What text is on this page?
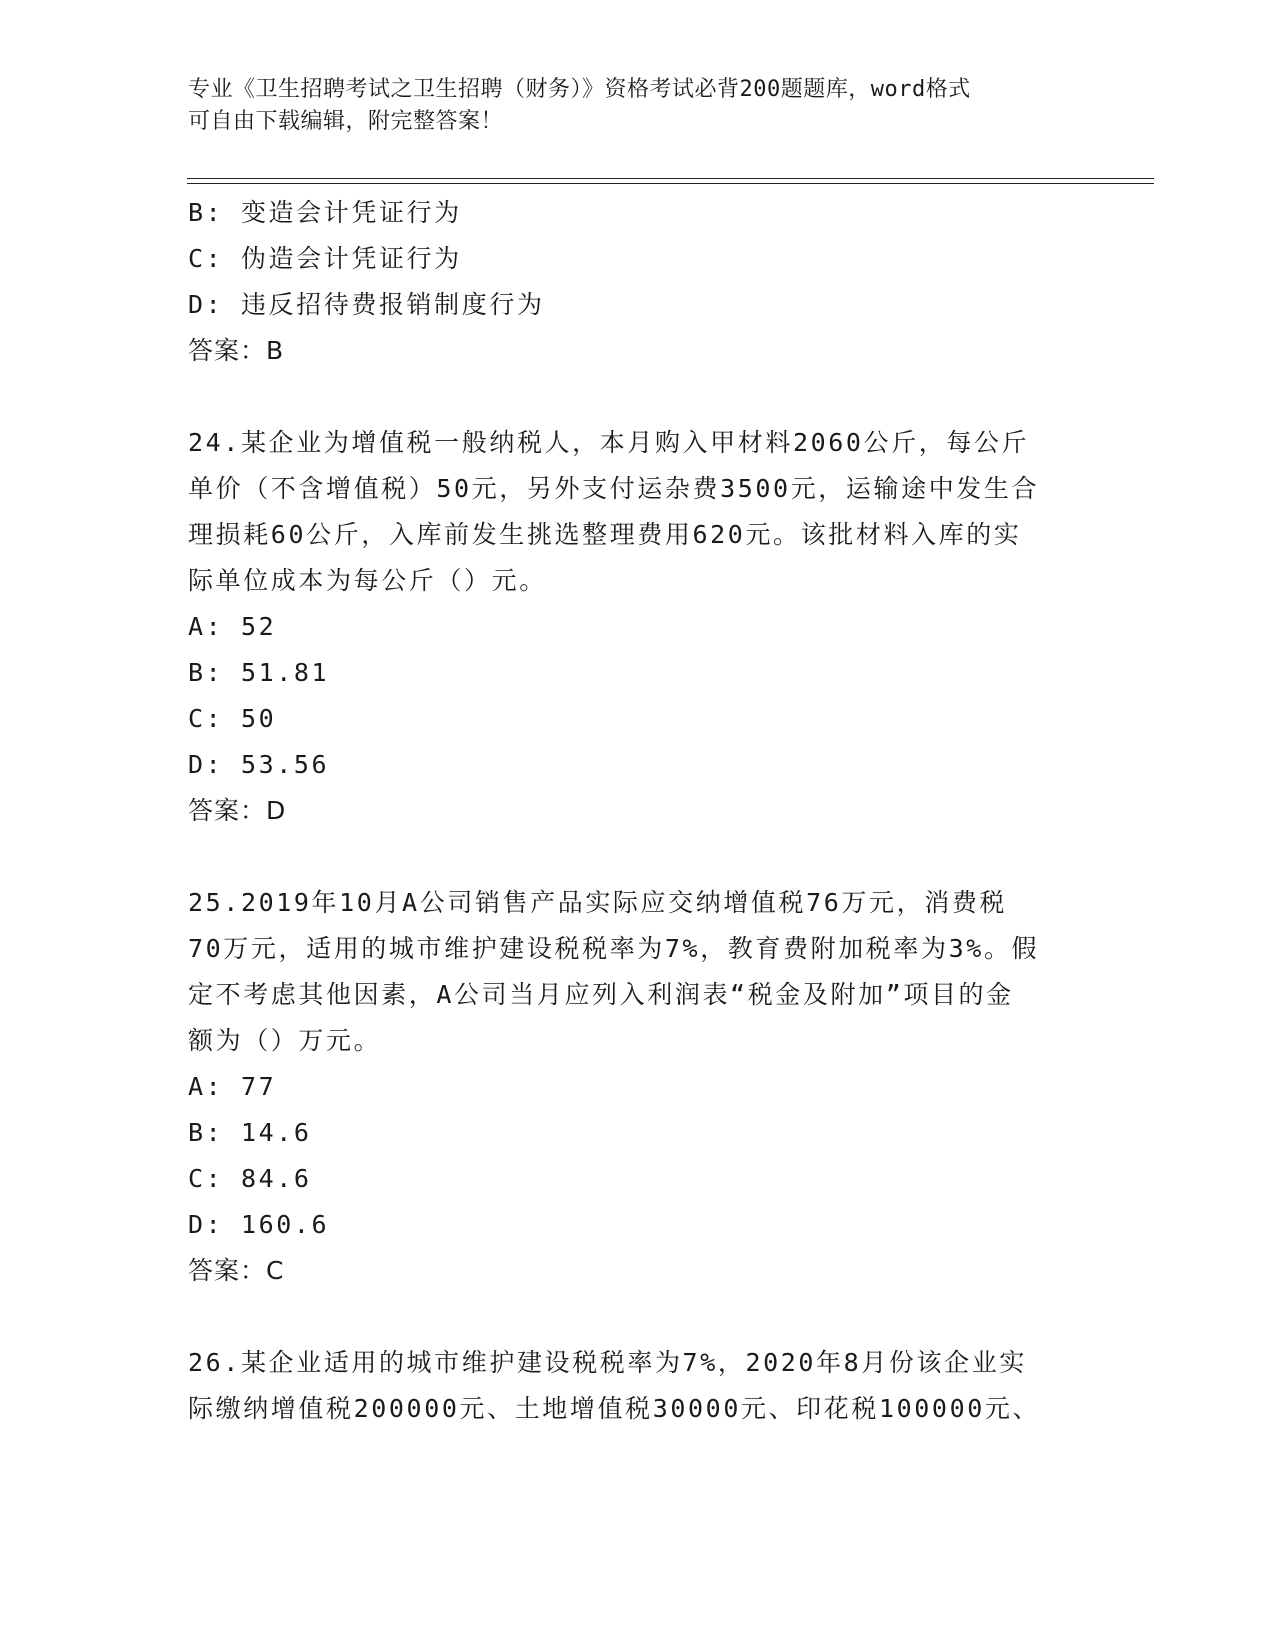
专业《卫生招聘考试之卫生招聘（财务）》资格考试必背200题题库，word格式
可自由下载编辑，附完整答案！
B: 变造会计凭证行为
C: 伪造会计凭证行为
D: 违反招待费报销制度行为
答案：B
24.某企业为增值税一般纳税人，本月购入甲材料2060公斤，每公斤
单价（不含增值税）50元，另外支付运杂费3500元，运输途中发生合
理损耗60公斤，入库前发生挑选整理费用620元。该批材料入库的实
际单位成本为每公斤（）元。
A: 52
B: 51.81
C: 50
D: 53.56
答案：D
25.2019年10月A公司销售产品实际应交纳增值税76万元，消费税
70万元，适用的城市维护建设税税率为7%，教育费附加税率为3%。假
定不考虑其他因素，A公司当月应列入利润表“税金及附加”项目的金
额为（）万元。
A: 77
B: 14.6
C: 84.6
D: 160.6
答案：C
26.某企业适用的城市维护建设税税率为7%，2020年8月份该企业实
际缴纳增值税200000元、土地增值税30000元、印花税100000元、
